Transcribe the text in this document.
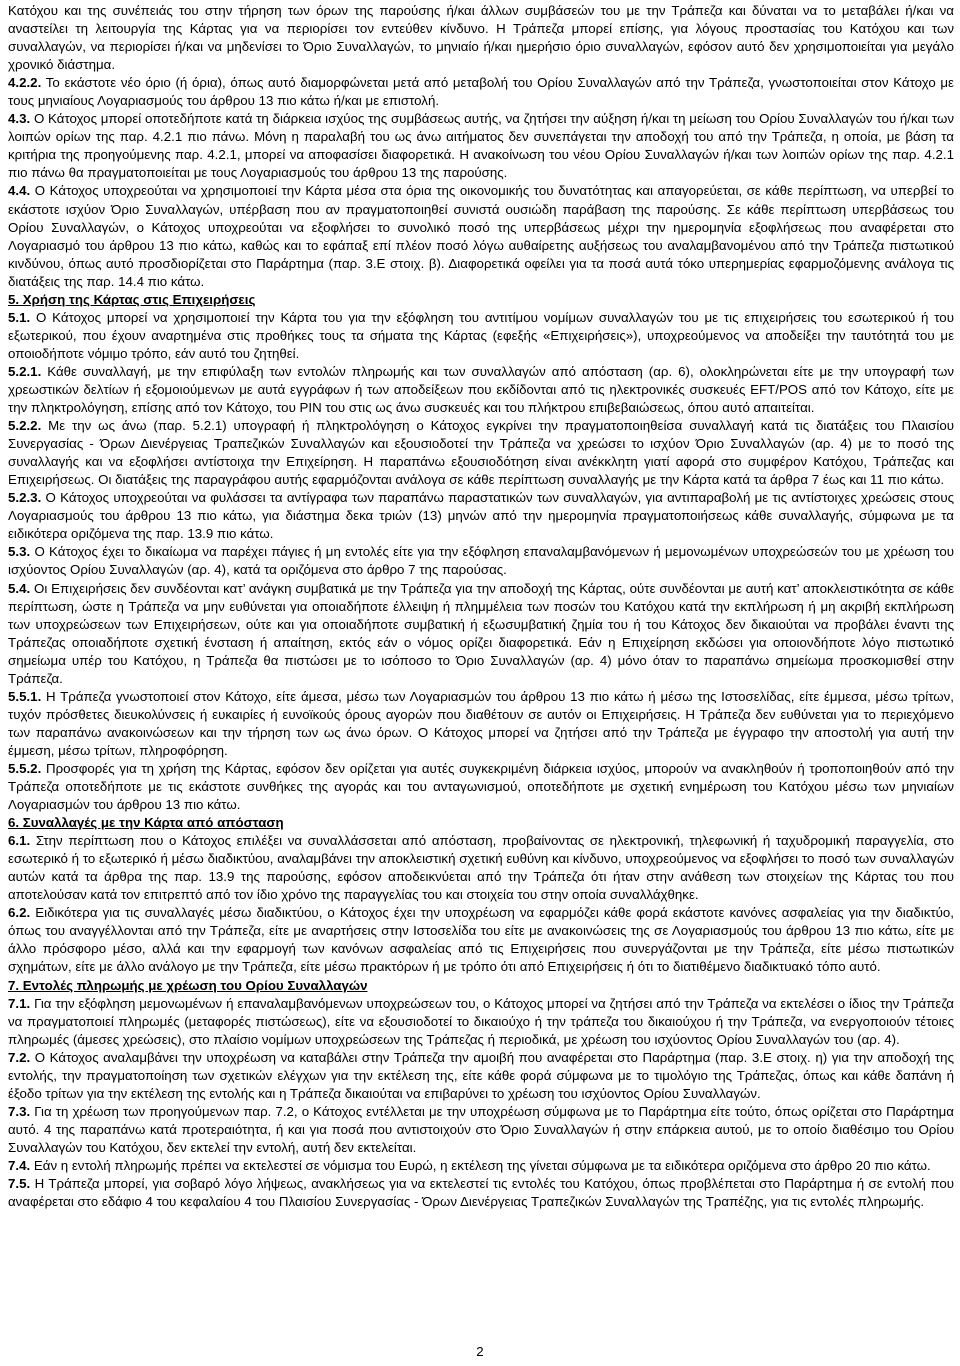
Κατόχου και της συνέπειάς του στην τήρηση των όρων της παρούσης ή/και άλλων συμβάσεών του με την Τράπεζα και δύναται να το μεταβάλει ή/και να αναστείλει τη λειτουργία της Κάρτας για να περιορίσει τον εντεύθεν κίνδυνο. Η Τράπεζα μπορεί επίσης, για λόγους προστασίας του Κατόχου και των συναλλαγών, να περιορίσει ή/και να μηδενίσει το Όριο Συναλλαγών, το μηνιαίο ή/και ημερήσιο όριο συναλλαγών, εφόσον αυτό δεν χρησιμοποιείται για μεγάλο χρονικό διάστημα.

4.2.2. Το εκάστοτε νέο όριο (ή όρια), όπως αυτό διαμορφώνεται μετά από μεταβολή του Ορίου Συναλλαγών από την Τράπεζα, γνωστοποιείται στον Κάτοχο με τους μηνιαίους Λογαριασμούς του άρθρου 13 πιο κάτω ή/και με επιστολή.

4.3. Ο Κάτοχος μπορεί οποτεδήποτε κατά τη διάρκεια ισχύος της συμβάσεως αυτής, να ζητήσει την αύξηση ή/και τη μείωση του Ορίου Συναλλαγών του ή/και των λοιπών ορίων της παρ. 4.2.1 πιο πάνω. Μόνη η παραλαβή του ως άνω αιτήματος δεν συνεπάγεται την αποδοχή του από την Τράπεζα, η οποία, με βάση τα κριτήρια της προηγούμενης παρ. 4.2.1, μπορεί να αποφασίσει διαφορετικά. Η ανακοίνωση του νέου Ορίου Συναλλαγών ή/και των λοιπών ορίων της παρ. 4.2.1 πιο πάνω θα πραγματοποιείται με τους Λογαριασμούς του άρθρου 13 της παρούσης.

4.4. Ο Κάτοχος υποχρεούται να χρησιμοποιεί την Κάρτα μέσα στα όρια της οικονομικής του δυνατότητας και απαγορεύεται, σε κάθε περίπτωση, να υπερβεί το εκάστοτε ισχύον Όριο Συναλλαγών, υπέρβαση που αν πραγματοποιηθεί συνιστά ουσιώδη παράβαση της παρούσης. Σε κάθε περίπτωση υπερβάσεως του Ορίου Συναλλαγών, ο Κάτοχος υποχρεούται να εξοφλήσει το συνολικό ποσό της υπερβάσεως μέχρι την ημερομηνία εξοφλήσεως που αναφέρεται στο Λογαριασμό του άρθρου 13 πιο κάτω, καθώς και το εφάπαξ επί πλέον ποσό λόγω αυθαίρετης αυξήσεως του αναλαμβανομένου από την Τράπεζα πιστωτικού κινδύνου, όπως αυτό προσδιορίζεται στο Παράρτημα (παρ. 3.Ε στοιχ. β). Διαφορετικά οφείλει για τα ποσά αυτά τόκο υπερημερίας εφαρμοζόμενης ανάλογα τις διατάξεις της παρ. 14.4 πιο κάτω.

5. Χρήση της Κάρτας στις Επιχειρήσεις

5.1. Ο Κάτοχος μπορεί να χρησιμοποιεί την Κάρτα του για την εξόφληση του αντιτίμου νομίμων συναλλαγών του με τις επιχειρήσεις του εσωτερικού ή του εξωτερικού, που έχουν αναρτημένα στις προθήκες τους τα σήματα της Κάρτας (εφεξής «Επιχειρήσεις»), υποχρεούμενος να αποδείξει την ταυτότητά του με οποιοδήποτε νόμιμο τρόπο, εάν αυτό του ζητηθεί.

5.2.1. Κάθε συναλλαγή, με την επιφύλαξη των εντολών πληρωμής και των συναλλαγών από απόσταση (αρ. 6), ολοκληρώνεται είτε με την υπογραφή των χρεωστικών δελτίων ή εξομοιούμενων με αυτά εγγράφων ή των αποδείξεων που εκδίδονται από τις ηλεκτρονικές συσκευές EFT/POS από τον Κάτοχο, είτε με την πληκτρολόγηση, επίσης από τον Κάτοχο, του PIN του στις ως άνω συσκευές και του πλήκτρου επιβεβαιώσεως, όπου αυτό απαιτείται.

5.2.2. Με την ως άνω (παρ. 5.2.1) υπογραφή ή πληκτρολόγηση ο Κάτοχος εγκρίνει την πραγματοποιηθείσα συναλλαγή κατά τις διατάξεις του Πλαισίου Συνεργασίας - Όρων Διενέργειας Τραπεζικών Συναλλαγών και εξουσιοδοτεί την Τράπεζα να χρεώσει το ισχύον Όριο Συναλλαγών (αρ. 4) με το ποσό της συναλλαγής και να εξοφλήσει αντίστοιχα την Επιχείρηση. Η παραπάνω εξουσιοδότηση είναι ανέκκλητη γιατί αφορά στο συμφέρον Κατόχου, Τράπεζας και Επιχειρήσεως. Οι διατάξεις της παραγράφου αυτής εφαρμόζονται ανάλογα σε κάθε περίπτωση συναλλαγής με την Κάρτα κατά τα άρθρα 7 έως και 11 πιο κάτω.

5.2.3. Ο Κάτοχος υποχρεούται να φυλάσσει τα αντίγραφα των παραπάνω παραστατικών των συναλλαγών, για αντιπαραβολή με τις αντίστοιχες χρεώσεις στους Λογαριασμούς του άρθρου 13 πιο κάτω, για διάστημα δεκα τριών (13) μηνών από την ημερομηνία πραγματοποιήσεως κάθε συναλλαγής, σύμφωνα με τα ειδικότερα οριζόμενα της παρ. 13.9 πιο κάτω.

5.3. Ο Κάτοχος έχει το δικαίωμα να παρέχει πάγιες ή μη εντολές είτε για την εξόφληση επαναλαμβανόμενων ή μεμονωμένων υποχρεώσεών του με χρέωση του ισχύοντος Ορίου Συναλλαγών (αρ. 4), κατά τα οριζόμενα στο άρθρο 7 της παρούσας.

5.4. Οι Επιχειρήσεις δεν συνδέονται κατ’ ανάγκη συμβατικά με την Τράπεζα για την αποδοχή της Κάρτας, ούτε συνδέονται με αυτή κατ’ αποκλειστικότητα σε κάθε περίπτωση, ώστε η Τράπεζα να μην ευθύνεται για οποιαδήποτε έλλειψη ή πλημμέλεια των ποσών του Κατόχου κατά την εκπλήρωση ή μη ακριβή εκπλήρωση των υποχρεώσεων των Επιχειρήσεων, ούτε και για οποιαδήποτε συμβατική ή εξωσυμβατική ζημία του ή του Κάτοχος δεν δικαιούται να προβάλει έναντι της Τράπεζας οποιαδήποτε σχετική ένσταση ή απαίτηση, εκτός εάν ο νόμος ορίζει διαφορετικά. Εάν η Επιχείρηση εκδώσει για οποιονδήποτε λόγο πιστωτικό σημείωμα υπέρ του Κατόχου, η Τράπεζα θα πιστώσει με το ισόποσο το Όριο Συναλλαγών (αρ. 4) μόνο όταν το παραπάνω σημείωμα προσκομισθεί στην Τράπεζα.

5.5.1. Η Τράπεζα γνωστοποιεί στον Κάτοχο, είτε άμεσα, μέσω των Λογαριασμών του άρθρου 13 πιο κάτω ή μέσω της Ιστοσελίδας, είτε έμμεσα, μέσω τρίτων, τυχόν πρόσθετες διευκολύνσεις ή ευκαιρίες ή ευνοϊκούς όρους αγορών που διαθέτουν σε αυτόν οι Επιχειρήσεις. Η Τράπεζα δεν ευθύνεται για το περιεχόμενο των παραπάνω ανακοινώσεων και την τήρηση των ως άνω όρων. Ο Κάτοχος μπορεί να ζητήσει από την Τράπεζα με έγγραφο την αποστολή για αυτή την έμμεση, μέσω τρίτων, πληροφόρηση.

5.5.2. Προσφορές για τη χρήση της Κάρτας, εφόσον δεν ορίζεται για αυτές συγκεκριμένη διάρκεια ισχύος, μπορούν να ανακληθούν ή τροποποιηθούν από την Τράπεζα οποτεδήποτε με τις εκάστοτε συνθήκες της αγοράς και του ανταγωνισμού, οποτεδήποτε με σχετική ενημέρωση του Κατόχου μέσω των μηνιαίων Λογαριασμών του άρθρου 13 πιο κάτω.

6. Συναλλαγές με την Κάρτα από απόσταση

6.1. Στην περίπτωση που ο Κάτοχος επιλέξει να συναλλάσσεται από απόσταση, προβαίνοντας σε ηλεκτρονική, τηλεφωνική ή ταχυδρομική παραγγελία, στο εσωτερικό ή το εξωτερικό ή μέσω διαδικτύου, αναλαμβάνει την αποκλειστική σχετική ευθύνη και κίνδυνο, υποχρεούμενος να εξοφλήσει το ποσό των συναλλαγών αυτών κατά τα άρθρα της παρ. 13.9 της παρούσης, εφόσον αποδεικνύεται από την Τράπεζα ότι ήταν στην ανάθεση των στοιχείων της Κάρτας του που αποτελούσαν κατά τον επιτρεπτό από τον ίδιο χρόνο της παραγγελίας του και στοιχεία του στην οποία συναλλάχθηκε.

6.2. Ειδικότερα για τις συναλλαγές μέσω διαδικτύου, ο Κάτοχος έχει την υποχρέωση να εφαρμόζει κάθε φορά εκάστοτε κανόνες ασφαλείας για την διαδικτύο, όπως του αναγγέλλονται από την Τράπεζα, είτε με αναρτήσεις στην Ιστοσελίδα του είτε με ανακοινώσεις της σε Λογαριασμούς του άρθρου 13 πιο κάτω, είτε με άλλο πρόσφορο μέσο, αλλά και την εφαρμογή των κανόνων ασφαλείας από τις Επιχειρήσεις που συνεργάζονται με την Τράπεζα, είτε μέσω πιστωτικών σχημάτων, είτε με άλλο ανάλογο με την Τράπεζα, είτε μέσω πρακτόρων ή με τρόπο ότι από Επιχειρήσεις ή ότι το διατιθέμενο διαδικτυακό τόπο αυτό.

7. Εντολές πληρωμής με χρέωση του Ορίου Συναλλαγών

7.1. Για την εξόφληση μεμονωμένων ή επαναλαμβανόμενων υποχρεώσεων του, ο Κάτοχος μπορεί να ζητήσει από την Τράπεζα να εκτελέσει ο ίδιος την Τράπεζα να πραγματοποιεί πληρωμές (μεταφορές πιστώσεως), είτε να εξουσιοδοτεί το δικαιούχο ή την τράπεζα του δικαιούχου ή την Τράπεζα, να ενεργοποιούν τέτοιες πληρωμές (άμεσες χρεώσεις), στο πλαίσιο νομίμων υποχρεώσεων της Τράπεζας ή περιοδικά, με χρέωση του ισχύοντος Ορίου Συναλλαγών του (αρ. 4).

7.2. Ο Κάτοχος αναλαμβάνει την υποχρέωση να καταβάλει στην Τράπεζα την αμοιβή που αναφέρεται στο Παράρτημα (παρ. 3.Ε στοιχ. η) για την αποδοχή της εντολής, την πραγματοποίηση των σχετικών ελέγχων για την εκτέλεση της, είτε κάθε φορά σύμφωνα με το τιμολόγιο της Τράπεζας, όπως και κάθε δαπάνη ή έξοδο τρίτων για την εκτέλεση της εντολής και η Τράπεζα δικαιούται να επιβαρύνει το χρέωση του ισχύοντος Ορίου Συναλλαγών.

7.3. Για τη χρέωση των προηγούμενων παρ. 7.2, ο Κάτοχος εντέλλεται με την υποχρέωση σύμφωνα με το Παράρτημα είτε τούτο, όπως ορίζεται στο Παράρτημα αυτό. 4 της παραπάνω κατά προτεραιότητα, ή και για ποσά που αντιστοιχούν στο Όριο Συναλλαγών ή στην επάρκεια αυτού, με το οποίο διαθέσιμο του Ορίου Συναλλαγών του Κατόχου, δεν εκτελεί την εντολή, αυτή δεν εκτελείται.

7.4. Εάν η εντολή πληρωμής πρέπει να εκτελεστεί σε νόμισμα του Ευρώ, η εκτέλεση της γίνεται σύμφωνα με τα ειδικότερα οριζόμενα στο άρθρο 20 πιο κάτω.

7.5. Η Τράπεζα μπορεί, για σοβαρό λόγο λήψεως, ανακλήσεως για να εκτελεστεί τις εντολές του Κατόχου, όπως προβλέπεται στο Παράρτημα ή σε εντολή που αναφέρεται στο εδάφιο 4 του κεφαλαίου 4 του Πλαισίου Συνεργασίας - Όρων Διενέργειας Τραπεζικών Συναλλαγών της Τραπέζης, για τις εντολές πληρωμής.

2
